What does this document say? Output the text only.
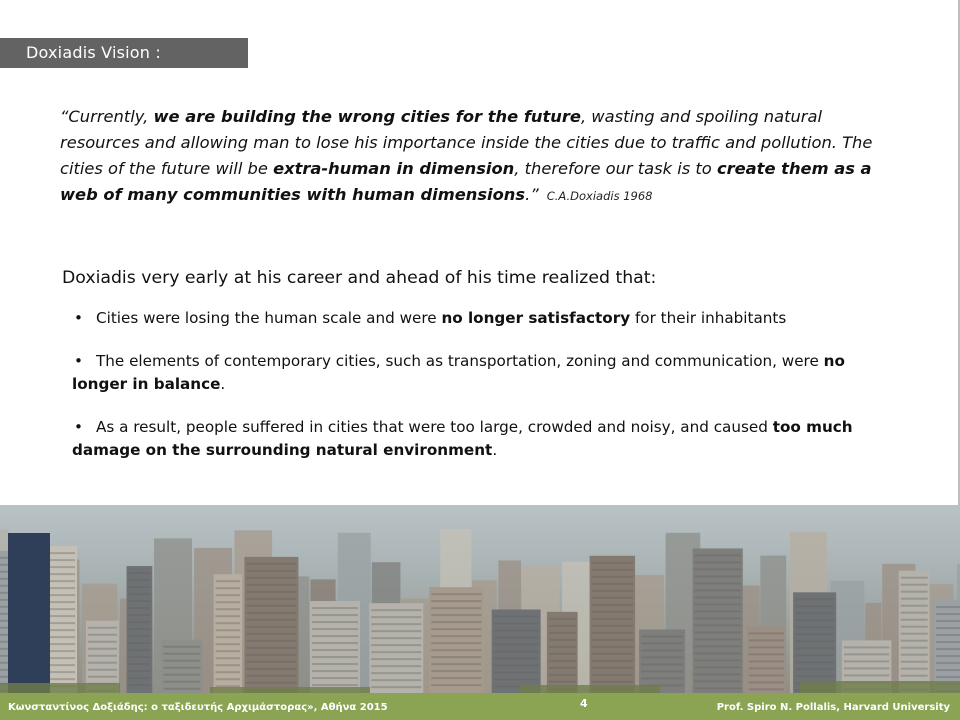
Doxiadis Vision :

“Currently, we are building the wrong cities for the future, wasting and spoiling natural resources and allowing man to lose his importance inside the cities due to traffic and pollution. The cities of the future will be extra-human in dimension, therefore our task is to create them as a web of many communities with human dimensions.” C.A.Doxiadis 1968

Doxiadis very early at his career and ahead of his time realized that:

• Cities were losing the human scale and were no longer satisfactory for their inhabitants
• The elements of contemporary cities, such as transportation, zoning and communication, were no longer in balance.
• As a result, people suffered in cities that were too large, crowded and noisy, and caused too much damage on the surrounding natural environment.
Κωνσταντίνος Δοξιάδης: ο ταξιδευτής Αρχιμάστορας», Αθήνα 2015	4	Prof. Spiro N. Pollalis, Harvard University
